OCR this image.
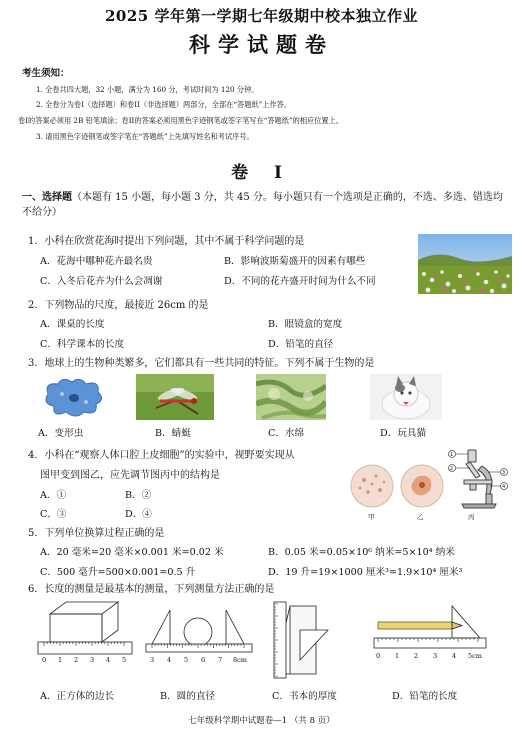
2025 学年第一学期七年级期中校本独立作业
科学试题卷
考生须知：
1. 全卷共四大题，32 小题，满分为 160 分，考试时间为 120 分钟。
2. 全卷分为卷I（选择题）和卷II（非选择题）两部分，全部在“答题纸”上作答。
卷I的答案必须用 2B 铅笔填涂；卷II的答案必须用黑色字迹钢笔或签字笔写在“答题纸”的相应位置上。
3. 请用黑色字迹钢笔或签字笔在“答题纸”上先填写姓名和考试序号。
卷 I
一、选择题（本题有 15 小题，每小题 3 分，共 45 分。每小题只有一个选项是正确的，不选、多选、错选均不给分）
1．小科在欣赏花海时提出下列问题，其中不属于科学问题的是
A．花海中哪种花卉最名贵	B．影响波斯菊盛开的因素有哪些
C．入冬后花卉为什么会凋谢	D．不同的花卉盛开时间为什么不同
2．下列物品的尺度，最接近 26cm 的是
A．课桌的长度	B．眼镜盒的宽度
C．科学课本的长度	D．铅笔的直径
3．地球上的生物种类繁多，它们都具有一些共同的特征。下列不属于生物的是
A．变形虫	B．蜻蜓	C．水绵	D．玩具猫
4．小科在“观察人体口腔上皮细胞”的实验中，视野要实现从
图甲变到图乙，应先调节图丙中的结构是
A．①	B．②
C．③	D．④	甲	乙	丙
1
2
3
4
5．下列单位换算过程正确的是
A．20 毫米=20 毫米×0.001 米=0.02 米	B．0.05 米=0.05×10⁶ 纳米=5×10⁴ 纳米
C．500 毫升=500×0.001=0.5 升	D．19 升=19×1000 厘米³=1.9×10⁴ 厘米³
6．长度的测量是最基本的测量，下列测量方法正确的是
0 1 2 3 4 5	3 4 5 6 7 8cm	0 1 2 3 4 5cm
A．正方体的边长	B．圆的直径	C．书本的厚度	D．铅笔的长度
七年级科学期中试题卷—1 （共 8 页）
